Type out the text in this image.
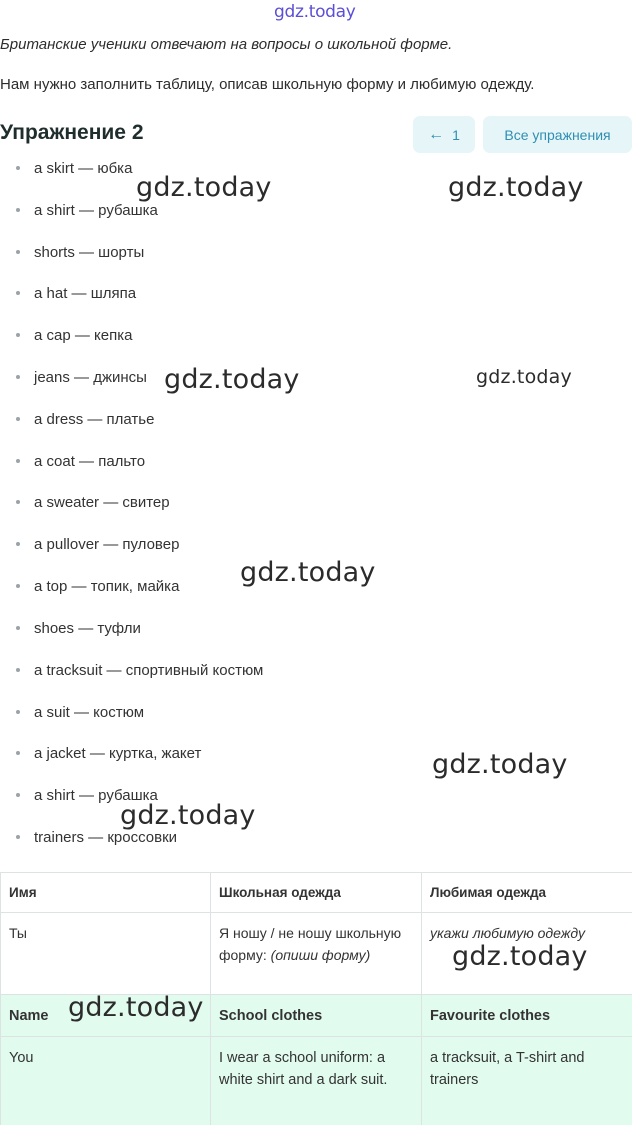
gdz.today

Британские ученики отвечают на вопросы о школьной форме.

Нам нужно заполнить таблицу, описав школьную форму и любимую одежду.

Упражнение 2	← 1	Все упражнения
a skirt — юбка
a shirt — рубашка
shorts — шорты
a hat — шляпа
a cap — кепка
jeans — джинсы
a dress — платье
a coat — пальто
a sweater — свитер
a pullover — пуловер
a top — топик, майка
shoes — туфли
a tracksuit — спортивный костюм
a suit — костюм
a jacket — куртка, жакет
a shirt — рубашка
trainers — кроссовки
Имя	Школьная одежда	Любимая одежда
Ты	Я ношу / не ношу школьную форму: (опиши форму)	укажи любимую одежду
Name	School clothes	Favourite clothes
You	I wear a school uniform: a white shirt and a dark suit.	a tracksuit, a T-shirt and trainers
gdz.today	gdz.today
gdz.today	gdz.today
gdz.today
gdz.today
gdz.today
gdz.today
gdz.today
